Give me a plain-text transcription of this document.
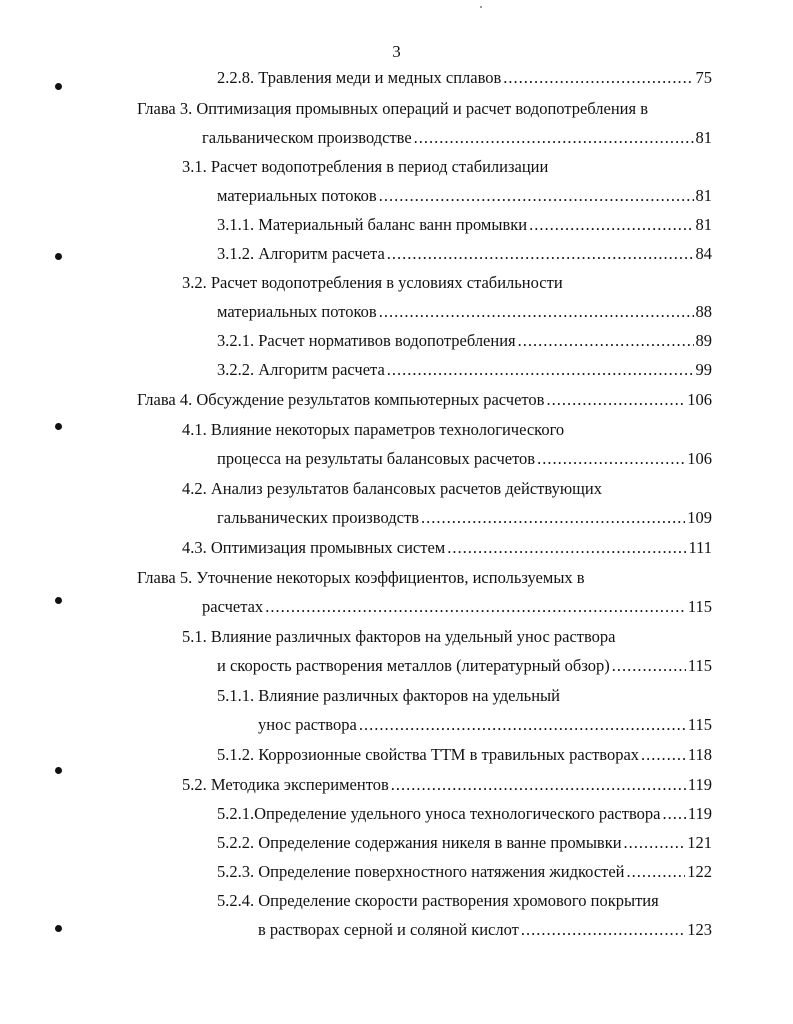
3
2.2.8. Травления меди и медных сплавов .....	75
Глава 3. Оптимизация промывных операций и расчет водопотребления в
гальваническом производстве .....	81
3.1. Расчет водопотребления в период стабилизации
материальных потоков .....	81
3.1.1. Материальный баланс ванн промывки .....	81
3.1.2. Алгоритм расчета .....	84
3.2. Расчет водопотребления в условиях стабильности
материальных потоков .....	88
3.2.1. Расчет нормативов водопотребления .....	89
3.2.2. Алгоритм расчета .....	99
Глава 4. Обсуждение результатов компьютерных расчетов .....	106
4.1. Влияние некоторых параметров технологического
процесса на результаты балансовых расчетов .....	106
4.2. Анализ результатов балансовых расчетов действующих
гальванических производств .....	109
4.3. Оптимизация промывных систем .....	111
Глава 5. Уточнение некоторых коэффициентов, используемых в
расчетах .....	115
5.1. Влияние различных факторов на удельный унос раствора
и скорость растворения металлов (литературный обзор) .....	115
5.1.1. Влияние различных факторов на удельный
унос раствора .....	115
5.1.2. Коррозионные свойства ТТМ в травильных растворах .....	118
5.2. Методика экспериментов .....	119
5.2.1.Определение удельного уноса технологического раствора ..... 119
5.2.2. Определение содержания никеля в ванне промывки .....	121
5.2.3. Определение поверхностного натяжения жидкостей .....	122
5.2.4. Определение скорости растворения хромового покрытия
в растворах серной и соляной кислот .....	123
